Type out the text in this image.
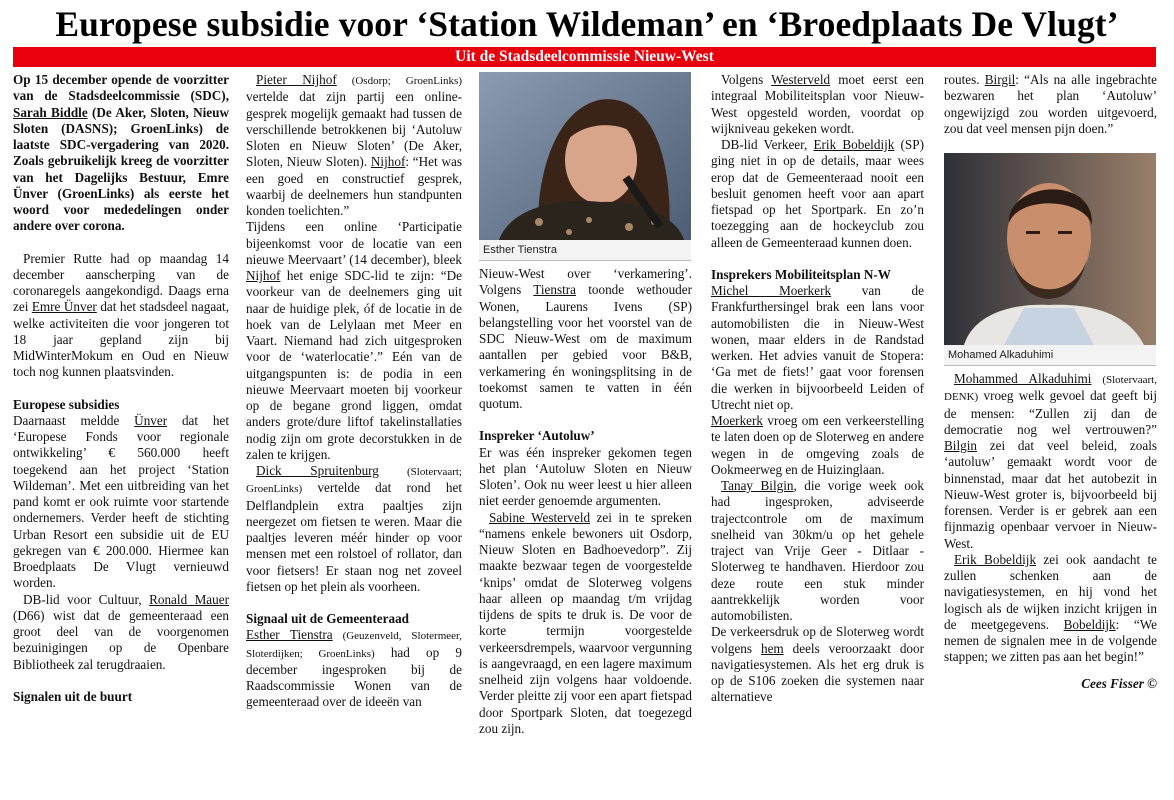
Europese subsidie voor ‘Station Wildeman’ en ‘Broedplaats De Vlugt’
Uit de Stadsdeelcommissie Nieuw-West

Op 15 december opende de voorzitter van de Stadsdeelcommissie (SDC), Sarah Biddle (De Aker, Sloten, Nieuw Sloten (DASNS); GroenLinks) de laatste SDC-vergadering van 2020. Zoals gebruikelijk kreeg de voorzitter van het Dagelijks Bestuur, Emre Ünver (GroenLinks) als eerste het woord voor mededelingen onder andere over corona.

Premier Rutte had op maandag 14 december aanscherping van de coronaregels aangekondigd. Daags erna zei Emre Ünver dat het stadsdeel nagaat, welke activiteiten die voor jongeren tot 18 jaar gepland zijn bij MidWinterMokum en Oud en Nieuw toch nog kunnen plaatsvinden.

Europese subsidies

Daarnaast meldde Ünver dat het ‘Europese Fonds voor regionale ontwikkeling’ € 560.000 heeft toegekend aan het project ‘Station Wildeman’. Met een uitbreiding van het pand komt er ook ruimte voor startende ondernemers. Verder heeft de stichting Urban Resort een subsidie uit de EU gekregen van € 200.000. Hiermee kan Broedplaats De Vlugt vernieuwd worden.

DB-lid voor Cultuur, Ronald Mauer (D66) wist dat de gemeenteraad een groot deel van de voorgenomen bezuinigingen op de Openbare Bibliotheek zal terugdraaien.

Signalen uit de buurt

Pieter Nijhof (Osdorp; GroenLinks) vertelde dat zijn partij een online-gesprek mogelijk gemaakt had tussen de verschillende betrokkenen bij ‘Autoluw Sloten en Nieuw Sloten’ (De Aker, Sloten, Nieuw Sloten). Nijhof: “Het was een goed en constructief gesprek, waarbij de deelnemers hun standpunten konden toelichten.”

Tijdens een online ‘Participatie bijeenkomst voor de locatie van een nieuwe Meervaart’ (14 december), bleek Nijhof het enige SDC-lid te zijn: “De voorkeur van de deelnemers ging uit naar de huidige plek, óf de locatie in de hoek van de Lelylaan met Meer en Vaart. Niemand had zich uitgesproken voor de ‘waterlocatie’.” Eén van de uitgangspunten is: de podia in een nieuwe Meervaart moeten bij voorkeur op de begane grond liggen, omdat anders grote/dure liftof takelinstallaties nodig zijn om grote decorstukken in de zalen te krijgen.

Dick Spruitenburg (Slotervaart; GroenLinks) vertelde dat rond het Delflandplein extra paaltjes zijn neergezet om fietsen te weren. Maar die paaltjes leveren méér hinder op voor mensen met een rolstoel of rollator, dan voor fietsers! Er staan nog net zoveel fietsen op het plein als voorheen.

Signaal uit de Gemeenteraad

Esther Tienstra (Geuzenveld, Slotermeer, Sloterdijken; GroenLinks) had op 9 december ingesproken bij de Raadscommissie Wonen van de gemeenteraad over de ideeën van

Esther Tienstra

Nieuw-West over ‘verkamering’. Volgens Tienstra toonde wethouder Wonen, Laurens Ivens (SP) belangstelling voor het voorstel van de SDC Nieuw-West om de maximum aantallen per gebied voor B&B, verkamering én woningsplitsing in de toekomst samen te vatten in één quotum.

Inspreker ‘Autoluw’

Er was één inspreker gekomen tegen het plan ‘Autoluw Sloten en Nieuw Sloten’. Ook nu weer leest u hier alleen niet eerder genoemde argumenten.

Sabine Westerveld zei in te spreken “namens enkele bewoners uit Osdorp, Nieuw Sloten en Badhoevedorp”. Zij maakte bezwaar tegen de voorgestelde ‘knips’ omdat de Sloterweg volgens haar alleen op maandag t/m vrijdag tijdens de spits te druk is. De voor de korte termijn voorgestelde verkeersdrempels, waarvoor vergunning is aangevraagd, en een lagere maximum snelheid zijn volgens haar voldoende. Verder pleitte zij voor een apart fietspad door Sportpark Sloten, dat toegezegd zou zijn.

Volgens Westerveld moet eerst een integraal Mobiliteitsplan voor Nieuw-West opgesteld worden, voordat op wijkniveau gekeken wordt.

DB-lid Verkeer, Erik Bobeldijk (SP) ging niet in op de details, maar wees erop dat de Gemeenteraad nooit een besluit genomen heeft voor aan apart fietspad op het Sportpark. En zo’n toezegging aan de hockeyclub zou alleen de Gemeenteraad kunnen doen.

Insprekers Mobiliteitsplan N-W

Michel Moerkerk van de Frankfurthersingel brak een lans voor automobilisten die in Nieuw-West wonen, maar elders in de Randstad werken. Het advies vanuit de Stopera: ‘Ga met de fiets!’ gaat voor forensen die werken in bijvoorbeeld Leiden of Utrecht niet op.

Moerkerk vroeg om een verkeerstelling te laten doen op de Sloterweg en andere wegen in de omgeving zoals de Ookmeerweg en de Huizinglaan.

Tanay Bilgin, die vorige week ook had ingesproken, adviseerde trajectcontrole om de maximum snelheid van 30km/u op het gehele traject van Vrije Geer - Ditlaar - Sloterweg te handhaven. Hierdoor zou deze route een stuk minder aantrekkelijk worden voor automobilisten.

De verkeersdruk op de Sloterweg wordt volgens hem deels veroorzaakt door navigatiesystemen. Als het erg druk is op de S106 zoeken die systemen naar alternatieve

routes. Birgil: “Als na alle ingebrachte bezwaren het plan ‘Autoluw’ ongewijzigd zou worden uitgevoerd, zou dat veel mensen pijn doen.”

Mohamed Alkaduhimi

Mohammed Alkaduhimi (Slotervaart, DENK) vroeg welk gevoel dat geeft bij de mensen: “Zullen zij dan de democratie nog wel vertrouwen?” Bilgin zei dat veel beleid, zoals ‘autoluw’ gemaakt wordt voor de binnenstad, maar dat het autobezit in Nieuw-West groter is, bijvoorbeeld bij forensen. Verder is er gebrek aan een fijnmazig openbaar vervoer in Nieuw-West.

Erik Bobeldijk zei ook aandacht te zullen schenken aan de navigatiesystemen, en hij vond het logisch als de wijken inzicht krijgen in de meetgegevens. Bobeldijk: “We nemen de signalen mee in de volgende stappen; we zitten pas aan het begin!”

Cees Fisser ©
